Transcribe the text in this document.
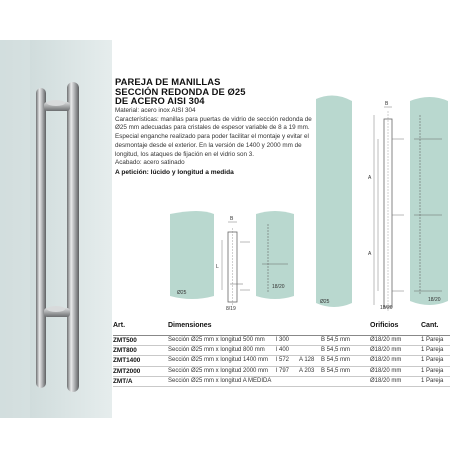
PAREJA DE MANILLAS
SECCIÓN REDONDA DE Ø25
DE ACERO AISI 304

Material: acero inox AISI 304

Características: manillas para puertas de vidrio de sección redonda de Ø25 mm adecuadas para cristales de espesor variable de 8 a 19 mm. Especial enganche realizado para poder facilitar el montaje y evitar el desmontaje desde el exterior. En la versión de 1400 y 2000 mm de longitud, los ataques de fijación en el vidrio son 3.

Acabado: acero satinado

A petición: lúcido y longitud a medida

B
L
Ø25
8/19
18/20
B
A
A
Ø25
18/20
18/20
Art.	Dimensiones	Orificios	Cant.
ZMT500	Sección Ø25 mm x longitud 500 mm l 300	B 54,5 mm	Ø18/20 mm	1 Pareja
ZMT800	Sección Ø25 mm x longitud 800 mm l 400	B 54,5 mm	Ø18/20 mm	1 Pareja
ZMT1400	Sección Ø25 mm x longitud 1400 mm l 572 A 128 B 54,5 mm	Ø18/20 mm	1 Pareja
ZMT2000	Sección Ø25 mm x longitud 2000 mm l 797 A 203 B 54,5 mm	Ø18/20 mm	1 Pareja
ZMT/A	Sección Ø25 mm x longitud A MEDIDA	Ø18/20 mm	1 Pareja
